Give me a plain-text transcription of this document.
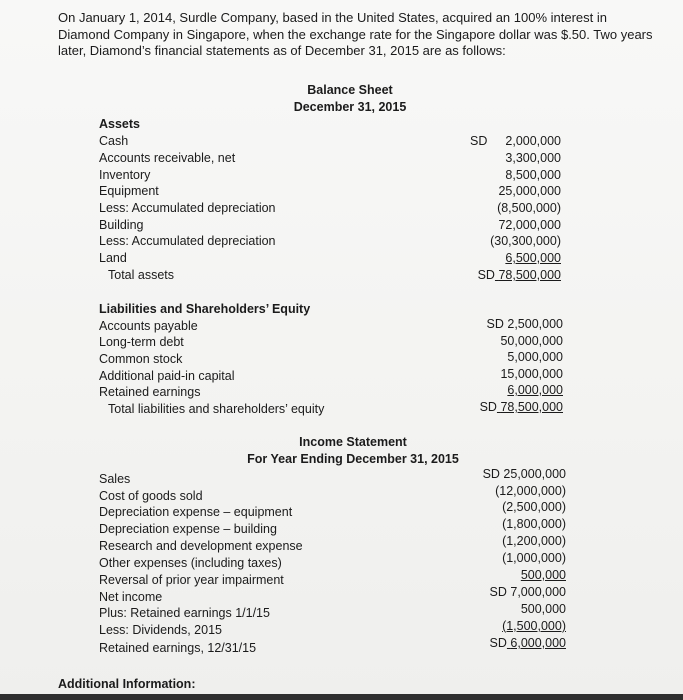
On January 1, 2014, Surdle Company, based in the United States, acquired an 100% interest in Diamond Company in Singapore, when the exchange rate for the Singapore dollar was $.50. Two years later, Diamond’s financial statements as of December 31, 2015 are as follows:
Balance Sheet
December 31, 2015
Assets
Cash
Accounts receivable, net
Inventory
Equipment
Less: Accumulated depreciation
Building
Less: Accumulated depreciation
Land
Total assets
SD 2,000,000
3,300,000
8,500,000
25,000,000
(8,500,000)
72,000,000
(30,300,000)
6,500,000
SD 78,500,000
Liabilities and Shareholders’ Equity
Accounts payable
Long-term debt
Common stock
Additional paid-in capital
Retained earnings
Total liabilities and shareholders’ equity
SD 2,500,000
50,000,000
5,000,000
15,000,000
6,000,000
SD 78,500,000
Income Statement
For Year Ending December 31, 2015
Sales
Cost of goods sold
Depreciation expense – equipment
Depreciation expense – building
Research and development expense
Other expenses (including taxes)
Reversal of prior year impairment
Net income
Plus: Retained earnings 1/1/15
Less: Dividends, 2015
Retained earnings, 12/31/15
SD 25,000,000
(12,000,000)
(2,500,000)
(1,800,000)
(1,200,000)
(1,000,000)
500,000
SD 7,000,000
500,000
(1,500,000)
SD 6,000,000
Additional Information:
